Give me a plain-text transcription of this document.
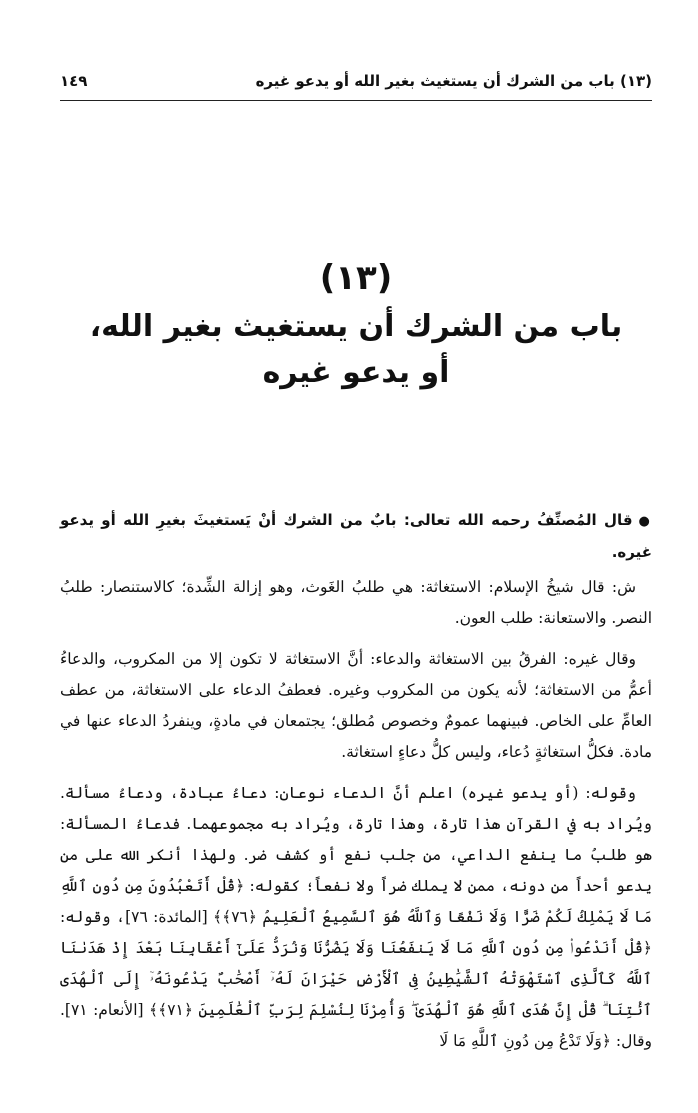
(١٣) باب من الشرك أن يستغيث بغير الله أو يدعو غيره
١٤٩
(١٣)
باب من الشرك أن يستغيث بغير الله،
أو يدعو غيره

●قال المُصنِّفُ رحمه الله تعالى: بابٌ من الشرك أنْ يَستغيثَ بغيرِ الله أو يدعو غيره.

ش: قال شيخُ الإسلام: الاستغاثة: هي طلبُ الغَوث، وهو إزالة الشِّدة؛ كالاستنصار: طلبُ النصر. والاستعانة: طلب العون.

وقال غيره: الفرقُ بين الاستغاثة والدعاء: أنَّ الاستغاثة لا تكون إلا من المكروب، والدعاءُ أعمُّ من الاستغاثة؛ لأنه يكون من المكروب وغيره. فعطفُ الدعاء على الاستغاثة، من عطف العامِّ على الخاص. فبينهما عمومٌ وخصوص مُطلق؛ يجتمعان في مادةٍ، وينفردُ الدعاء عنها في مادة. فكلُّ استغاثةٍ دُعاء، وليس كلُّ دعاءٍ استغاثة.

وقوله: (أو يدعو غيره) اعلم أنَّ الدعاء نوعان: دعاءُ عبادة، ودعاءُ مسألة. ويُراد به في القرآن هذا تارة، وهذا تارة، ويُراد به مجموعهما. فدعاءُ المسألة: هو طلبُ ما ينفع الداعي، من جلب نفع أو كشف ضر. ولهذا أنكر الله على من يدعو أحداً من دونه، ممن لا يملك ضراً ولا نفعاً؛ كقوله: ﴿قُلْ أَتَعْبُدُونَ مِن دُونِ ٱللَّهِ مَا لَا يَمْلِكُ لَكُمْ ضَرًّا وَلَا نَفْعًا وَٱللَّهُ هُوَ ٱلسَّمِيعُ ٱلْعَلِيمُ ﴿٧٦﴾﴾ [المائدة: ٧٦]، وقوله: ﴿قُلْ أَنَدْعُوا۟ مِن دُونِ ٱللَّهِ مَا لَا يَنفَعُنَا وَلَا يَضُرُّنَا وَنُرَدُّ عَلَىٰٓ أَعْقَابِنَا بَعْدَ إِذْ هَدَىٰنَا ٱللَّهُ كَٱلَّذِى ٱسْتَهْوَتْهُ ٱلشَّيَٰطِينُ فِى ٱلْأَرْضِ حَيْرَانَ لَهُۥٓ أَصْحَٰبٌ يَدْعُونَهُۥٓ إِلَى ٱلْهُدَى ٱئْتِنَا ۗ قُلْ إِنَّ هُدَى ٱللَّهِ هُوَ ٱلْهُدَىٰ ۖ وَأُمِرْنَا لِنُسْلِمَ لِرَبِّ ٱلْعَٰلَمِينَ ﴿٧١﴾﴾ [الأنعام: ٧١]. وقال: ﴿وَلَا تَدْعُ مِن دُونِ ٱللَّهِ مَا لَا
